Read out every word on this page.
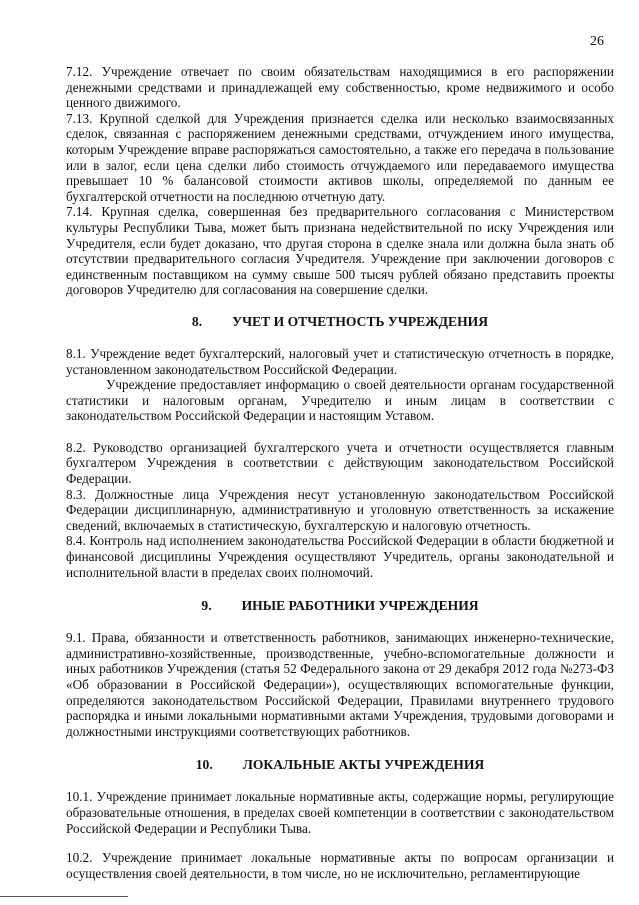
26

7.12. Учреждение отвечает по своим обязательствам находящимися в его распоряжении денежными средствами и принадлежащей ему собственностью, кроме недвижимого и особо ценного движимого.

7.13. Крупной сделкой для Учреждения признается сделка или несколько взаимосвязанных сделок, связанная с распоряжением денежными средствами, отчуждением иного имущества, которым Учреждение вправе распоряжаться самостоятельно, а также его передача в пользование или в залог, если цена сделки либо стоимость отчуждаемого или передаваемого имущества превышает 10 % балансовой стоимости активов школы, определяемой по данным ее бухгалтерской отчетности на последнюю отчетную дату.

7.14. Крупная сделка, совершенная без предварительного согласования с Министерством культуры Республики Тыва, может быть признана недействительной по иску Учреждения или Учредителя, если будет доказано, что другая сторона в сделке знала или должна была знать об отсутствии предварительного согласия Учредителя. Учреждение при заключении договоров с единственным поставщиком на сумму свыше 500 тысяч рублей обязано представить проекты договоров Учредителю для согласования на совершение сделки.

8. УЧЕТ И ОТЧЕТНОСТЬ УЧРЕЖДЕНИЯ

8.1. Учреждение ведет бухгалтерский, налоговый учет и статистическую отчетность в порядке, установленном законодательством Российской Федерации.

Учреждение предоставляет информацию о своей деятельности органам государственной статистики и налоговым органам, Учредителю и иным лицам в соответствии с законодательством Российской Федерации и настоящим Уставом.

8.2. Руководство организацией бухгалтерского учета и отчетности осуществляется главным бухгалтером Учреждения в соответствии с действующим законодательством Российской Федерации.

8.3. Должностные лица Учреждения несут установленную законодательством Российской Федерации дисциплинарную, административную и уголовную ответственность за искажение сведений, включаемых в статистическую, бухгалтерскую и налоговую отчетность.

8.4. Контроль над исполнением законодательства Российской Федерации в области бюджетной и финансовой дисциплины Учреждения осуществляют Учредитель, органы законодательной и исполнительной власти в пределах своих полномочий.

9. ИНЫЕ РАБОТНИКИ УЧРЕЖДЕНИЯ

9.1. Права, обязанности и ответственность работников, занимающих инженерно-технические, административно-хозяйственные, производственные, учебно-вспомогательные должности и иных работников Учреждения (статья 52 Федерального закона от 29 декабря 2012 года №273-ФЗ «Об образовании в Российской Федерации»), осуществляющих вспомогательные функции, определяются законодательством Российской Федерации, Правилами внутреннего трудового распорядка и иными локальными нормативными актами Учреждения, трудовыми договорами и должностными инструкциями соответствующих работников.

10. ЛОКАЛЬНЫЕ АКТЫ УЧРЕЖДЕНИЯ

10.1. Учреждение принимает локальные нормативные акты, содержащие нормы, регулирующие образовательные отношения, в пределах своей компетенции в соответствии с законодательством Российской Федерации и Республики Тыва.

10.2. Учреждение принимает локальные нормативные акты по вопросам организации и осуществления своей деятельности, в том числе, но не исключительно, регламентирующие
